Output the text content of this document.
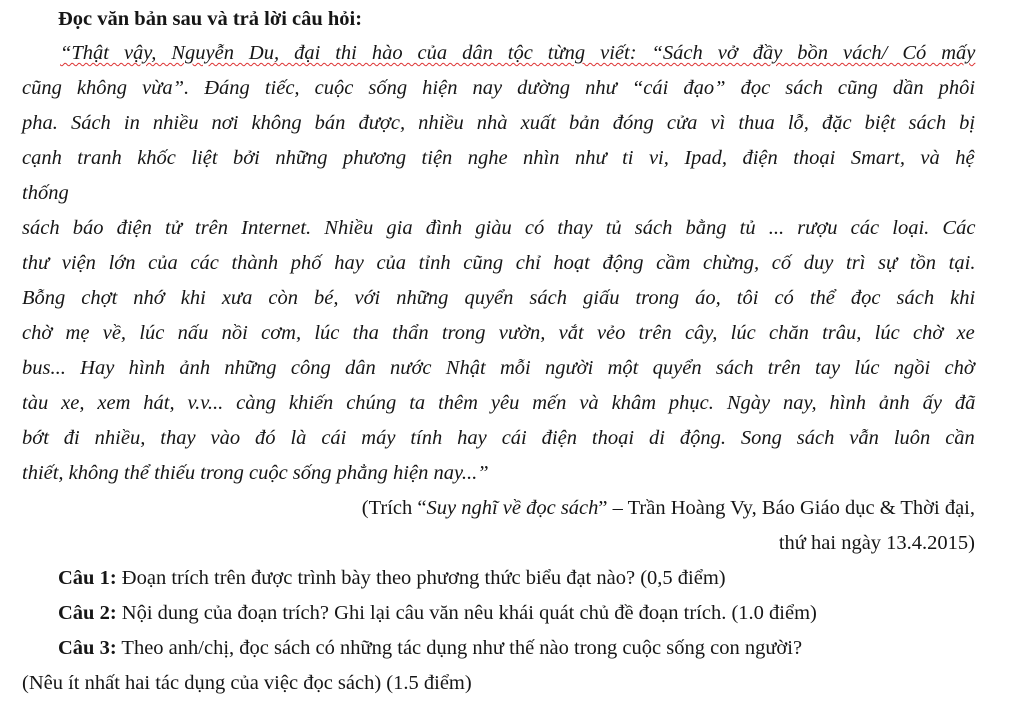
Đọc văn bản sau và trả lời câu hỏi:
“Thật vậy, Nguyễn Du, đại thi hào của dân tộc từng viết: “Sách vở đầy bồn vách/ Có mấy
cũng không vừa”. Đáng tiếc, cuộc sống hiện nay dường như “cái đạo” đọc sách cũng dần phôi
pha. Sách in nhiều nơi không bán được, nhiều nhà xuất bản đóng cửa vì thua lỗ, đặc biệt sách bị
cạnh tranh khốc liệt bởi những phương tiện nghe nhìn như ti vi, Ipad, điện thoại Smart, và hệ
thống
sách báo điện tử trên Internet. Nhiều gia đình giàu có thay tủ sách bằng tủ ... rượu các loại. Các
thư viện lớn của các thành phố hay của tỉnh cũng chỉ hoạt động cầm chừng, cố duy trì sự tồn tại.
Bỗng chợt nhớ khi xưa còn bé, với những quyển sách giấu trong áo, tôi có thể đọc sách khi
chờ mẹ về, lúc nấu nồi cơm, lúc tha thẩn trong vườn, vắt vẻo trên cây, lúc chăn trâu, lúc chờ xe
bus... Hay hình ảnh những công dân nước Nhật mỗi người một quyển sách trên tay lúc ngồi chờ
tàu xe, xem hát, v.v... càng khiến chúng ta thêm yêu mến và khâm phục. Ngày nay, hình ảnh ấy đã
bớt đi nhiều, thay vào đó là cái máy tính hay cái điện thoại di động. Song sách vẫn luôn cần
thiết, không thể thiếu trong cuộc sống phẳng hiện nay...”
(Trích “Suy nghĩ về đọc sách” – Trần Hoàng Vy, Báo Giáo dục & Thời đại,
thứ hai ngày 13.4.2015)
Câu 1: Đoạn trích trên được trình bày theo phương thức biểu đạt nào? (0,5 điểm)
Câu 2: Nội dung của đoạn trích? Ghi lại câu văn nêu khái quát chủ đề đoạn trích. (1.0 điểm)
Câu 3: Theo anh/chị, đọc sách có những tác dụng như thế nào trong cuộc sống con người?
(Nêu ít nhất hai tác dụng của việc đọc sách) (1.5 điểm)
